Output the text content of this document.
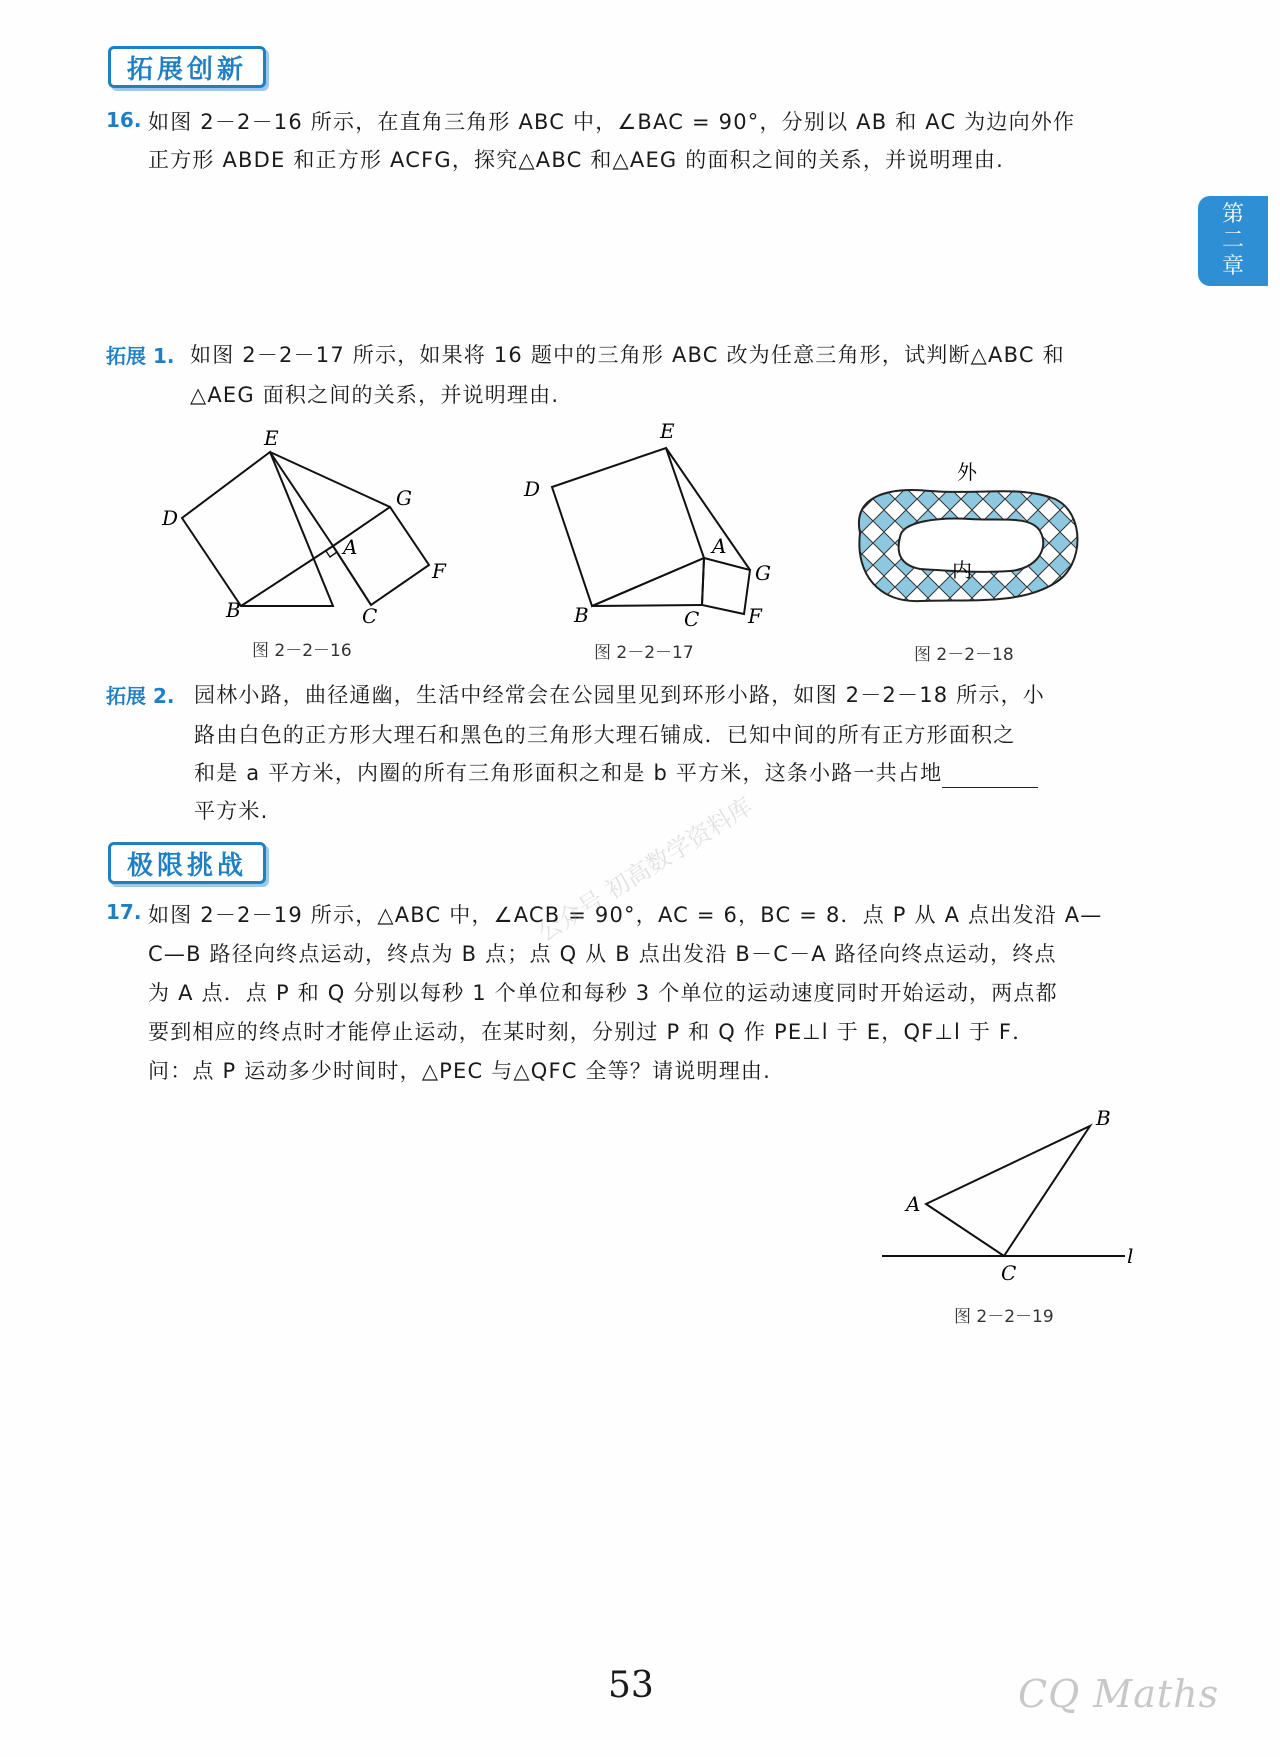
拓展创新
第
二
章
16. 如图 2－2－16 所示，在直角三角形 ABC 中，∠BAC = 90°，分别以 AB 和 AC 为边向外作
正方形 ABDE 和正方形 ACFG，探究△ABC 和△AEG 的面积之间的关系，并说明理由.
拓展 1. 如图 2－2－17 所示，如果将 16 题中的三角形 ABC 改为任意三角形，试判断△ABC 和
△AEG 面积之间的关系，并说明理由.
E
D
G
A
F
B	C
图 2－2－16
E
D
A
G
B	C F
图 2－2－17
外
内
图 2－2－18
拓展 2. 园林小路，曲径通幽，生活中经常会在公园里见到环形小路，如图 2－2－18 所示，小
路由白色的正方形大理石和黑色的三角形大理石铺成．已知中间的所有正方形面积之
和是 a 平方米，内圈的所有三角形面积之和是 b 平方米，这条小路一共占地
平方米.
极限挑战
17. 如图 2－2－19 所示，△ABC 中，∠ACB = 90°，AC = 6，BC = 8．点 P 从 A 点出发沿 A—
C—B 路径向终点运动，终点为 B 点；点 Q 从 B 点出发沿 B－C－A 路径向终点运动，终点
为 A 点．点 P 和 Q 分别以每秒 1 个单位和每秒 3 个单位的运动速度同时开始运动，两点都
要到相应的终点时才能停止运动，在某时刻，分别过 P 和 Q 作 PE⊥l 于 E，QF⊥l 于 F．
问：点 P 运动多少时间时，△PEC 与△QFC 全等？请说明理由.
公众号 初高数学资料库
A
B
C
l
图 2－2－19
53	CQ Maths
